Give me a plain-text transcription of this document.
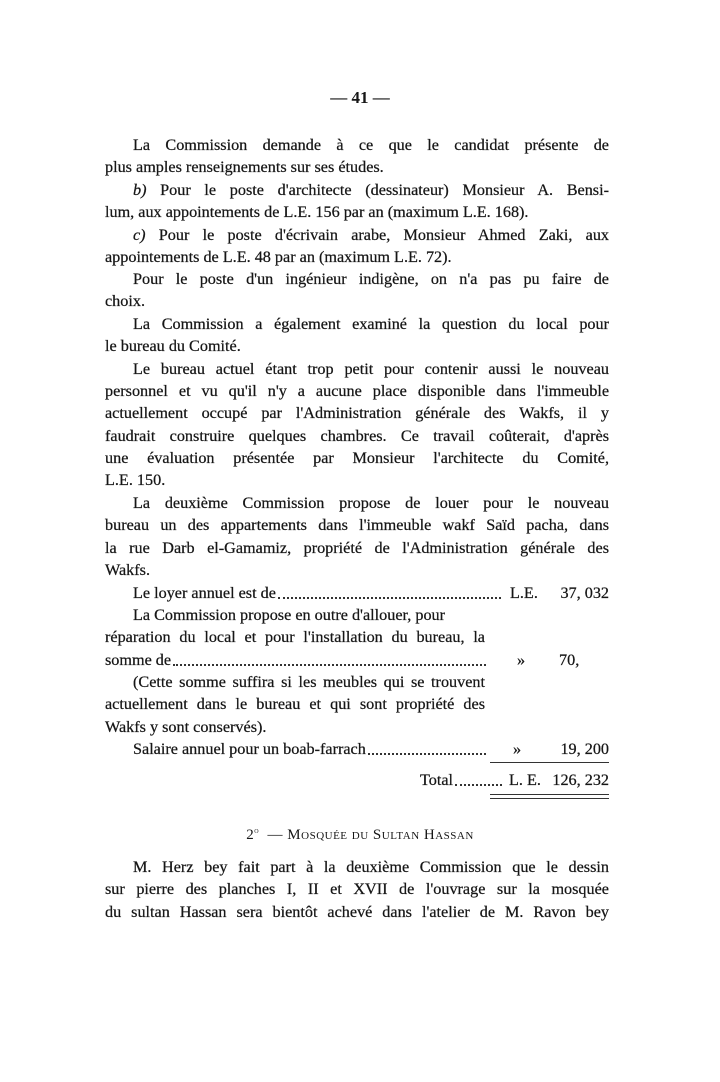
— 41 —
La Commission demande à ce que le candidat présente de
plus amples renseignements sur ses études.
b) Pour le poste d'architecte (dessinateur) Monsieur A. Bensi-
lum, aux appointements de L.E. 156 par an (maximum L.E. 168).
c) Pour le poste d'écrivain arabe, Monsieur Ahmed Zaki, aux
appointements de L.E. 48 par an (maximum L.E. 72).
Pour le poste d'un ingénieur indigène, on n'a pas pu faire de
choix.
La Commission a également examiné la question du local pour
le bureau du Comité.
Le bureau actuel étant trop petit pour contenir aussi le nouveau
personnel et vu qu'il n'y a aucune place disponible dans l'immeuble
actuellement occupé par l'Administration générale des Wakfs, il y
faudrait construire quelques chambres. Ce travail coûterait, d'après
une évaluation présentée par Monsieur l'architecte du Comité,
L.E. 150.
La deuxième Commission propose de louer pour le nouveau
bureau un des appartements dans l'immeuble wakf Saïd pacha, dans
la rue Darb el-Gamamiz, propriété de l'Administration générale des
Wakfs.
Le loyer annuel est de	L.E. 37, 032
La Commission propose en outre d'allouer, pour
réparation du local et pour l'installation du bureau, la
somme de	» 70,
(Cette somme suffira si les meubles qui se trouvent
actuellement dans le bureau et qui sont propriété des
Wakfs y sont conservés).
Salaire annuel pour un boab-farrach	» 19, 200
Total	L. E. 126, 232
2$^o$ — Mosquée du Sultan Hassan
M. Herz bey fait part à la deuxième Commission que le dessin
sur pierre des planches I, II et XVII de l'ouvrage sur la mosquée
du sultan Hassan sera bientôt achevé dans l'atelier de M. Ravon bey
